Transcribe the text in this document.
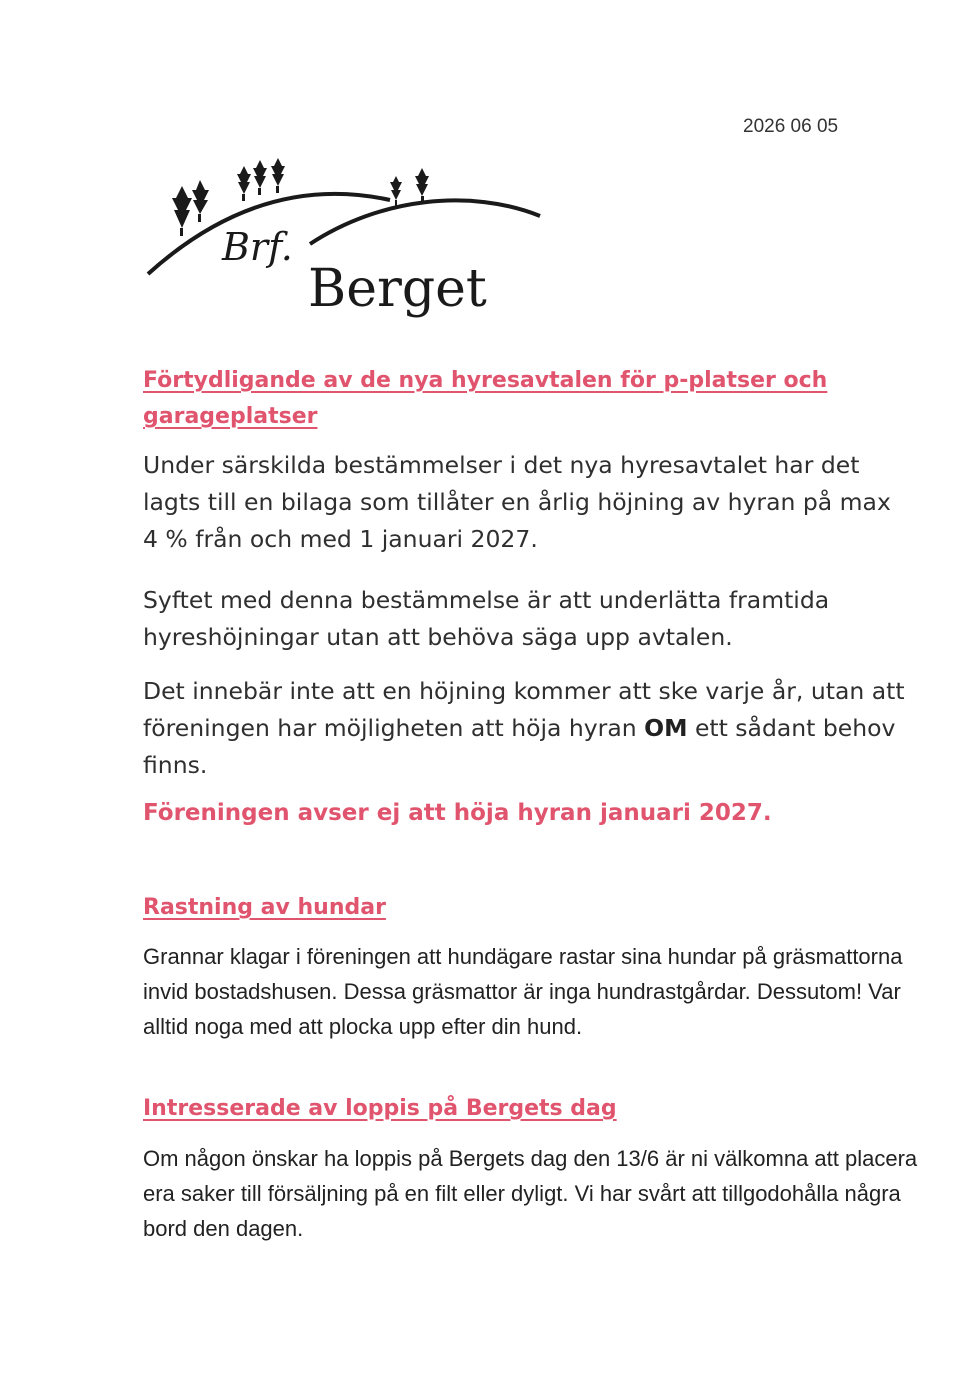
2026 06 05
Brf.
Berget
Förtydligande av de nya hyresavtalen för p-platser och
garageplatser

Under särskilda bestämmelser i det nya hyresavtalet har det lagts till en bilaga som tillåter en årlig höjning av hyran på max 4 % från och med 1 januari 2027.

Syftet med denna bestämmelse är att underlätta framtida hyreshöjningar utan att behöva säga upp avtalen.

Det innebär inte att en höjning kommer att ske varje år, utan att föreningen har möjligheten att höja hyran OM ett sådant behov finns.

Föreningen avser ej att höja hyran januari 2027.

Rastning av hundar

Grannar klagar i föreningen att hundägare rastar sina hundar på gräsmattorna invid bostadshusen. Dessa gräsmattor är inga hundrastgårdar. Dessutom! Var alltid noga med att plocka upp efter din hund.

Intresserade av loppis på Bergets dag

Om någon önskar ha loppis på Bergets dag den 13/6 är ni välkomna att placera era saker till försäljning på en filt eller dyligt. Vi har svårt att tillgodohålla några bord den dagen.
